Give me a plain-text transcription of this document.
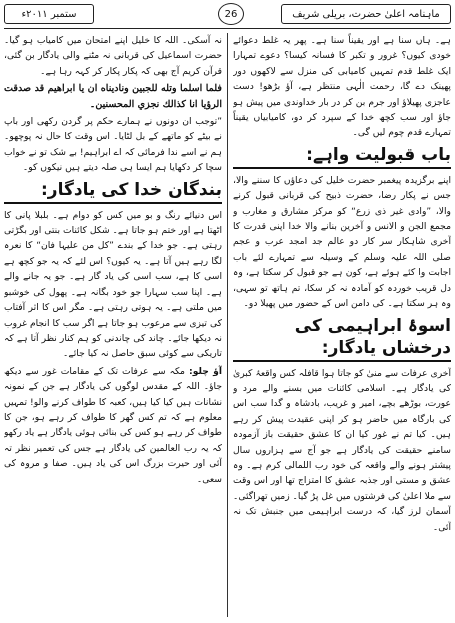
ماہنامہ اعلیٰ حضرت، بریلی شریف
26
ستمبر ۲۰۱۱ء

ہے۔ ہاں سنا ہے اور یقیناً سنا ہے۔ پھر یہ غلط دعوائے خودی کیوں؟ غرور و تکبر کا فسانہ کیسا؟ دعوے تمہارا ایک غلط قدم تمہیں کامیابی کی منزل سے لاکھوں دور پھینک دے گا، رحمت الٰہی منتظر ہے، آؤ بڑھو! دست عاجزی پھیلاؤ اور جرم بن کر در بار خداوندی میں پیش ہو جاؤ اور سب کچھ خدا کے سپرد کر دو، کامیابیاں یقیناً تمہارے قدم چوم لیں گی۔

باب قبولیت واہے:

اپنے برگزیدہ پیغمبر حضرت خلیل کی دعاؤں کا سننے والا، جس نے پکار رضا، حضرت ذبیح کی قربانی قبول کرنے والا، ”وادی غیر ذی زرع“ کو مرکز مشارق و مغارب و مجمع الجن و الانس و آخرین بنانے والا خدا اپنی قدرت کا آخری شاہکار سر کار دو عالم جد امجد عرب و عجم صلی اللہ علیہ وسلم کے وسیلہ سے تمہارے لئے باب اجابت وا کئے ہوئے ہے، کون ہے جو قبول کر سکتا ہے، وہ دل قریب خوردہ کو آمادہ نہ کر سکا، تم ہاتھ تو سہی، وہ ہر سکتا ہے۔ کی دامن اس کے حضور میں پھیلا دو۔

اسوۂ ابراہیمی کی درخشاں یادگار:

آخری عرفات سے منیٰ کو جاتا ہوا قافلہ کس واقعۂ کبریٰ کی یادگار ہے۔ اسلامی کائنات میں بسنے والے مرد و عورت، بوڑھے بچے، امیر و غریب، بادشاہ و گدا سب اس کی بارگاہ میں حاضر ہو کر اپنی عقیدت پیش کر رہے ہیں۔ کیا تم نے غور کیا ان کا عشق حقیقت باز آزمودہ سامنے حقیقت کی یادگار ہے جو آج سے ہزاروں سال پیشتر ہونے والے واقعہ کی خود رب اللمالی کرم ہے۔ وہ عشق و مستی اور جذبہ عشق کا امتزاج تھا اور اس وقت سے ملا اعلیٰ کی فرشتوں میں غل پڑ گیا۔ زمیں تھراگئی۔ آسمان لرز گیا، کہ درست ابراہیمی میں جنبش تک نہ آئی۔

نہ آسکی۔ اللہ کا خلیل اپنے امتحان میں کامیاب ہو گیا۔ حضرت اسماعیل کی قربانی نہ مٹنے والی یادگار بن گئی، قرآن کریم آج بھی کہ پکار پکار کر کہہ رہا ہے۔

فلما اسلما وتله للجبين وناديناه ان يا ابراهيم قد صدقت الرؤيا انا كذالك نجزي المحسنين۔

”توجب ان دونوں نے ہمارے حکم پر گردن رکھی اور باپ نے بیٹے کو ماتھے کے بل لٹایا۔ اس وقت کا حال نہ پوچھو۔ ہم نے اسے ندا فرمائی کہ اے ابراہیم! بے شک تو نے خواب سچا کر دکھایا ہم ایسا ہی صلہ دیتے ہیں نیکوں کو۔

بندگان خدا کی یادگار:

اس دنیائے رنگ و بو میں کس کو دوام ہے۔ بلبلا پانی کا اٹھتا ہے اور ختم ہو جاتا ہے۔ شکل کائنات بنتی اور بگڑتی رہتی ہے۔ جو خدا کے بندے ”کل من علیہا فان“ کا نعرہ لگا رہے ہیں آتا ہے۔ یہ کیوں؟ اس لئے کہ یہ جو کچھ ہے اسی کا ہے، سب اسی کی یاد گار ہے۔ جو یہ جانے والے ہے۔ اپنا سب سہارا جو خود بگانہ ہے۔ پھول کی خوشبو میں ملتی ہے۔ یہ ہوتی رہتی ہے۔ مگر اس کا اثر آفتاب کی تیزی سے مرعوب ہو جاتا ہے اگر سب کا انجام غروب نہ دیکھا جائے۔ چاند کی چاندنی کو ہم کنار نظر آتا ہے کہ تاریکی سے کوئی سبق حاصل نہ کیا جائے۔

آؤ چلو: مکہ سے عرفات تک کے مقامات غور سے دیکھ جاؤ۔ اللہ کے مقدس لوگوں کی یادگار ہے جن کے نمونہ نشانات ہیں کیا کیا ہیں، کعبہ کا طواف کرنے والو! تمہیں معلوم ہے کہ تم کس گھر کا طواف کر رہے ہو، جن کا طواف کر رہے ہو کس کی بنائی ہوئی یادگار ہے یاد رکھو کہ یہ رب العالمین کی یادگار ہے جس کی تعمیر نظر تہ آئی اور حیرت بزرگ اس کی یاد ہیں۔ صفا و مروہ کی سعی۔
